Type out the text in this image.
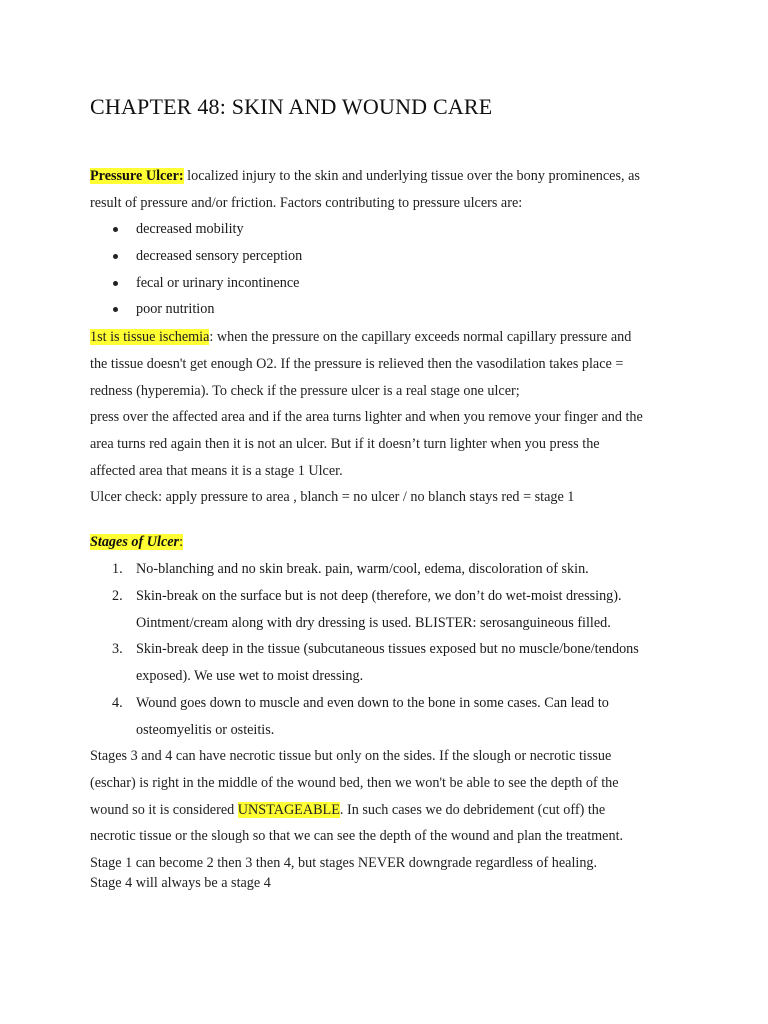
CHAPTER 48: SKIN AND WOUND CARE
Pressure Ulcer: localized injury to the skin and underlying tissue over the bony prominences, as
result of pressure and/or friction. Factors contributing to pressure ulcers are:
decreased mobility
decreased sensory perception
fecal or urinary incontinence
poor nutrition
1st is tissue ischemia: when the pressure on the capillary exceeds normal capillary pressure and
the tissue doesn't get enough O2. If the pressure is relieved then the vasodilation takes place =
redness (hyperemia). To check if the pressure ulcer is a real stage one ulcer;
press over the affected area and if the area turns lighter and when you remove your finger and the
area turns red again then it is not an ulcer. But if it doesn’t turn lighter when you press the
affected area that means it is a stage 1 Ulcer.
Ulcer check: apply pressure to area , blanch = no ulcer / no blanch stays red = stage 1
Stages of Ulcer:
1. No-blanching and no skin break. pain, warm/cool, edema, discoloration of skin.
2. Skin-break on the surface but is not deep (therefore, we don’t do wet-moist dressing).
Ointment/cream along with dry dressing is used. BLISTER: serosanguineous filled.
3. Skin-break deep in the tissue (subcutaneous tissues exposed but no muscle/bone/tendons
exposed). We use wet to moist dressing.
4. Wound goes down to muscle and even down to the bone in some cases. Can lead to
osteomyelitis or osteitis.
Stages 3 and 4 can have necrotic tissue but only on the sides. If the slough or necrotic tissue
(eschar) is right in the middle of the wound bed, then we won't be able to see the depth of the
wound so it is considered UNSTAGEABLE. In such cases we do debridement (cut off) the
necrotic tissue or the slough so that we can see the depth of the wound and plan the treatment.
Stage 1 can become 2 then 3 then 4, but stages NEVER downgrade regardless of healing.
Stage 4 will always be a stage 4
